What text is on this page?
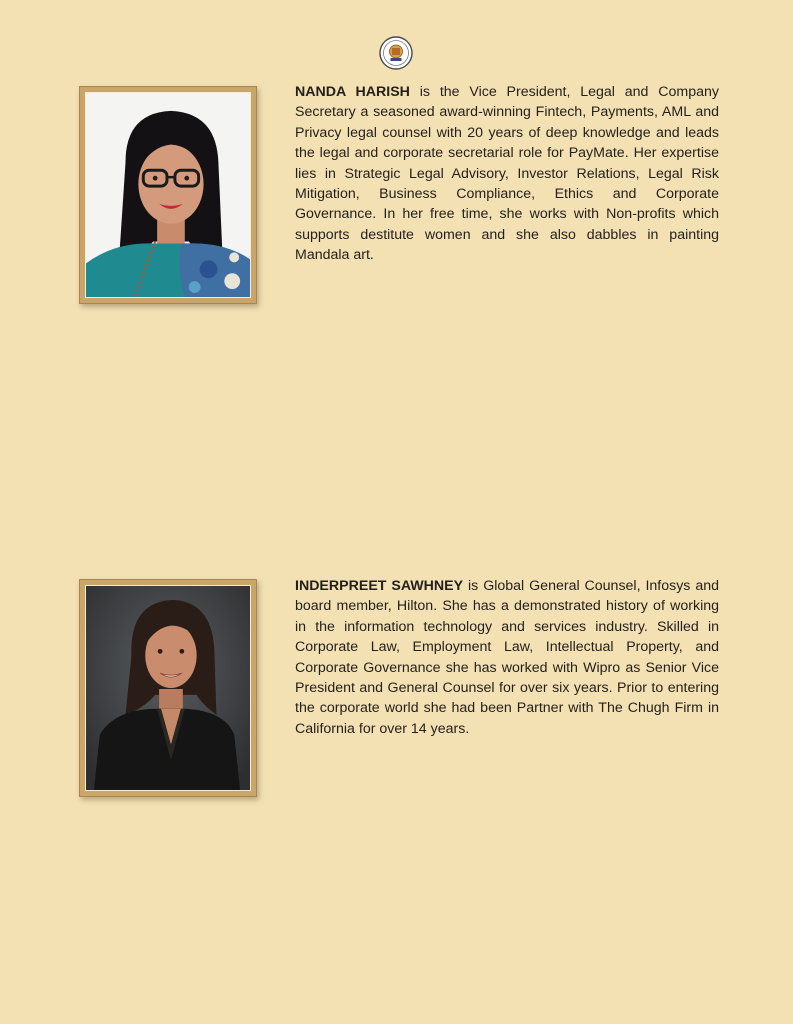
NANDA HARISH is the Vice President, Legal and Company Secretary a seasoned award-winning Fintech, Payments, AML and Privacy legal counsel with 20 years of deep knowledge and leads the legal and corporate secretarial role for PayMate. Her expertise lies in Strategic Legal Advisory, Investor Relations, Legal Risk Mitigation, Business Compliance, Ethics and Corporate Governance. In her free time, she works with Non-profits which supports destitute women and she also dabbles in painting Mandala art.

INDERPREET SAWHNEY is Global General Counsel, Infosys and board member, Hilton. She has a demonstrated history of working in the information technology and services industry. Skilled in Corporate Law, Employment Law, Intellectual Property, and Corporate Governance she has worked with Wipro as Senior Vice President and General Counsel for over six years. Prior to entering the corporate world she had been Partner with The Chugh Firm in California for over 14 years.
